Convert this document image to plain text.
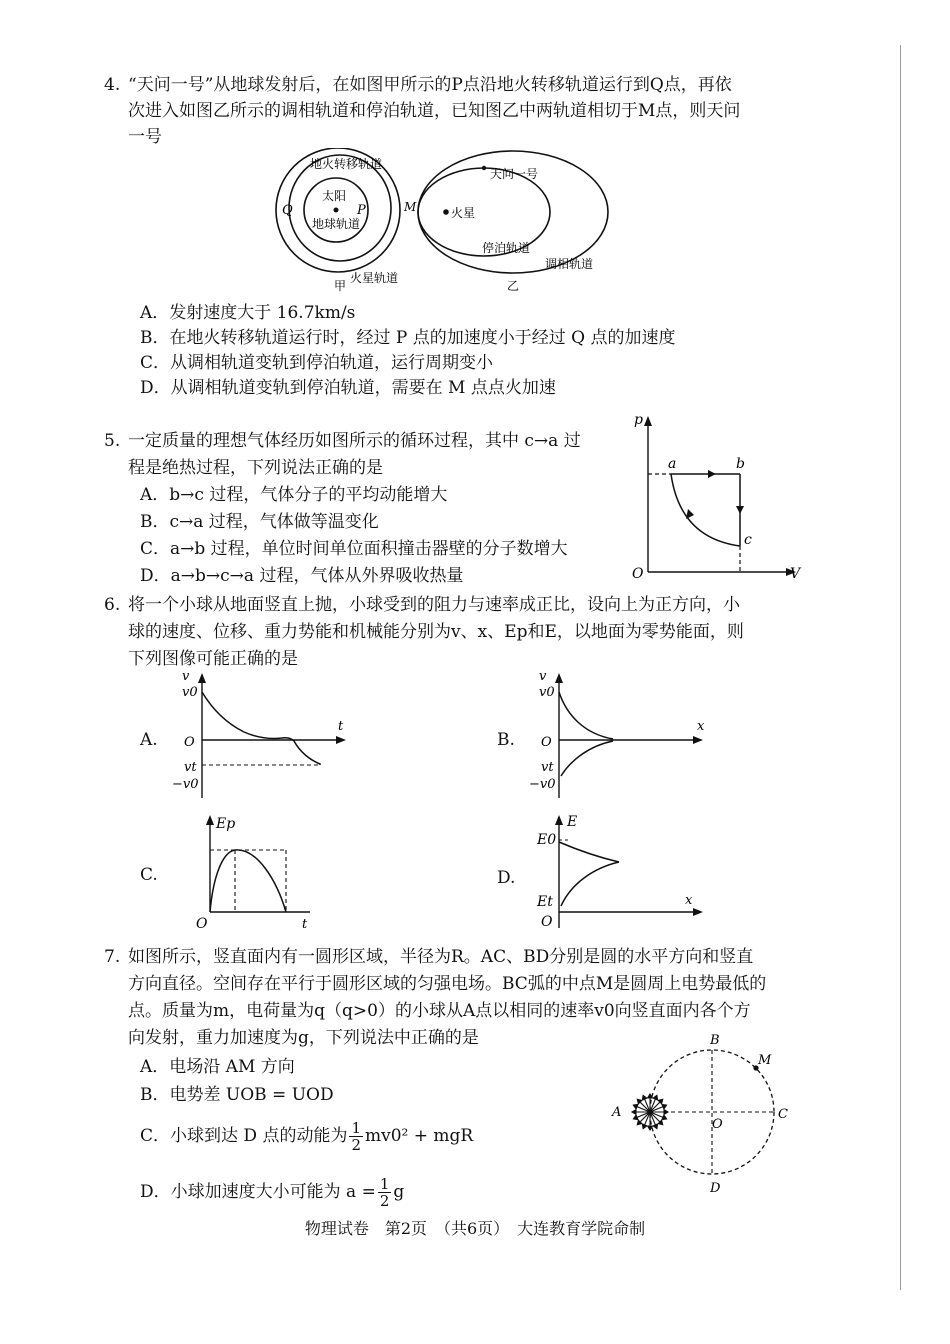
4. “天问一号”从地球发射后，在如图甲所示的P点沿地火转移轨道运行到Q点，再依
次进入如图乙所示的调相轨道和停泊轨道，已知图乙中两轨道相切于M点，则天问
一号
太阳
地火转移轨道
地球轨道
火星轨道
Q	P
甲
火星
天问一号
M
停泊轨道
调相轨道
乙
A．发射速度大于 16.7km/s
B．在地火转移轨道运行时，经过 P 点的加速度小于经过 Q 点的加速度
C．从调相轨道变轨到停泊轨道，运行周期变小
D．从调相轨道变轨到停泊轨道，需要在 M 点点火加速
5. 一定质量的理想气体经历如图所示的循环过程，其中 c→a 过
程是绝热过程，下列说法正确的是
A．b→c 过程，气体分子的平均动能增大
B．c→a 过程，气体做等温变化
C．a→b 过程，单位时间单位面积撞击器壁的分子数增大
D．a→b→c→a 过程，气体从外界吸收热量
p
V
O
a	b
c
6. 将一个小球从地面竖直上抛，小球受到的阻力与速率成正比，设向上为正方向，小
球的速度、位移、重力势能和机械能分别为v、x、Ep和E，以地面为零势能面，则
下列图像可能正确的是
A.
v
t
v0
O
vt
−v0
B.
v
x
v0
O
vt
−v0
C.
Ep
t
O
D.
E
x
E0
Et
O
7. 如图所示，竖直面内有一圆形区域，半径为R。AC、BD分别是圆的水平方向和竖直
方向直径。空间存在平行于圆形区域的匀强电场。BC弧的中点M是圆周上电势最低的
点。质量为m，电荷量为q（q>0）的小球从A点以相同的速率v0向竖直面内各个方
向发射，重力加速度为g，下列说法中正确的是
A．电场沿 AM 方向
B．电势差 UOB = UOD
C．小球到达 D 点的动能为 $\frac{1}{2} mv0^2$ + mgR
D．小球加速度大小可能为 $a = \frac{1}{2}$ g
B
M
C
D
O
A
物理试卷　第2页　（共6页）　大连教育学院命制
